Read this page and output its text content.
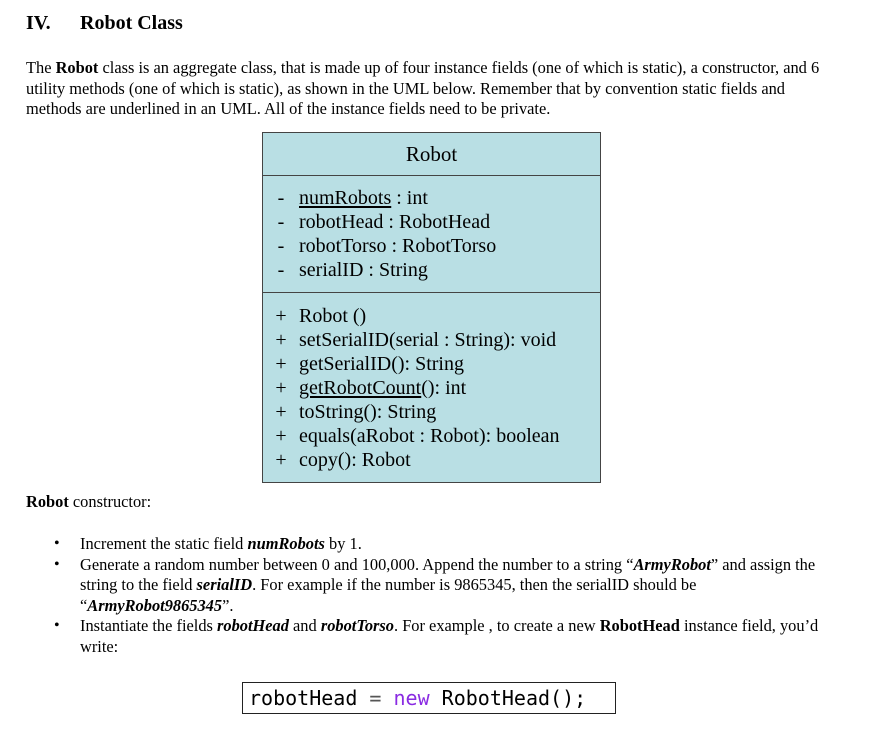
IV. Robot Class

The Robot class is an aggregate class, that is made up of four instance fields (one of which is static), a constructor, and 6 utility methods (one of which is static), as shown in the UML below. Remember that by convention static fields and methods are underlined in an UML. All of the instance fields need to be private.

Robot
- numRobots : int
- robotHead : RobotHead
- robotTorso : RobotTorso
- serialID : String
+ Robot ()
+ setSerialID(serial : String): void
+ getSerialID(): String
+ getRobotCount(): int
+ toString(): String
+ equals(aRobot : Robot): boolean
+ copy(): Robot

Robot constructor:

• Increment the static field numRobots by 1.
• Generate a random number between 0 and 100,000. Append the number to a string “ArmyRobot” and assign the string to the field serialID. For example if the number is 9865345, then the serialID should be “ArmyRobot9865345”.
• Instantiate the fields robotHead and robotTorso. For example , to create a new RobotHead instance field, you’d write:
robotHead = new RobotHead();
